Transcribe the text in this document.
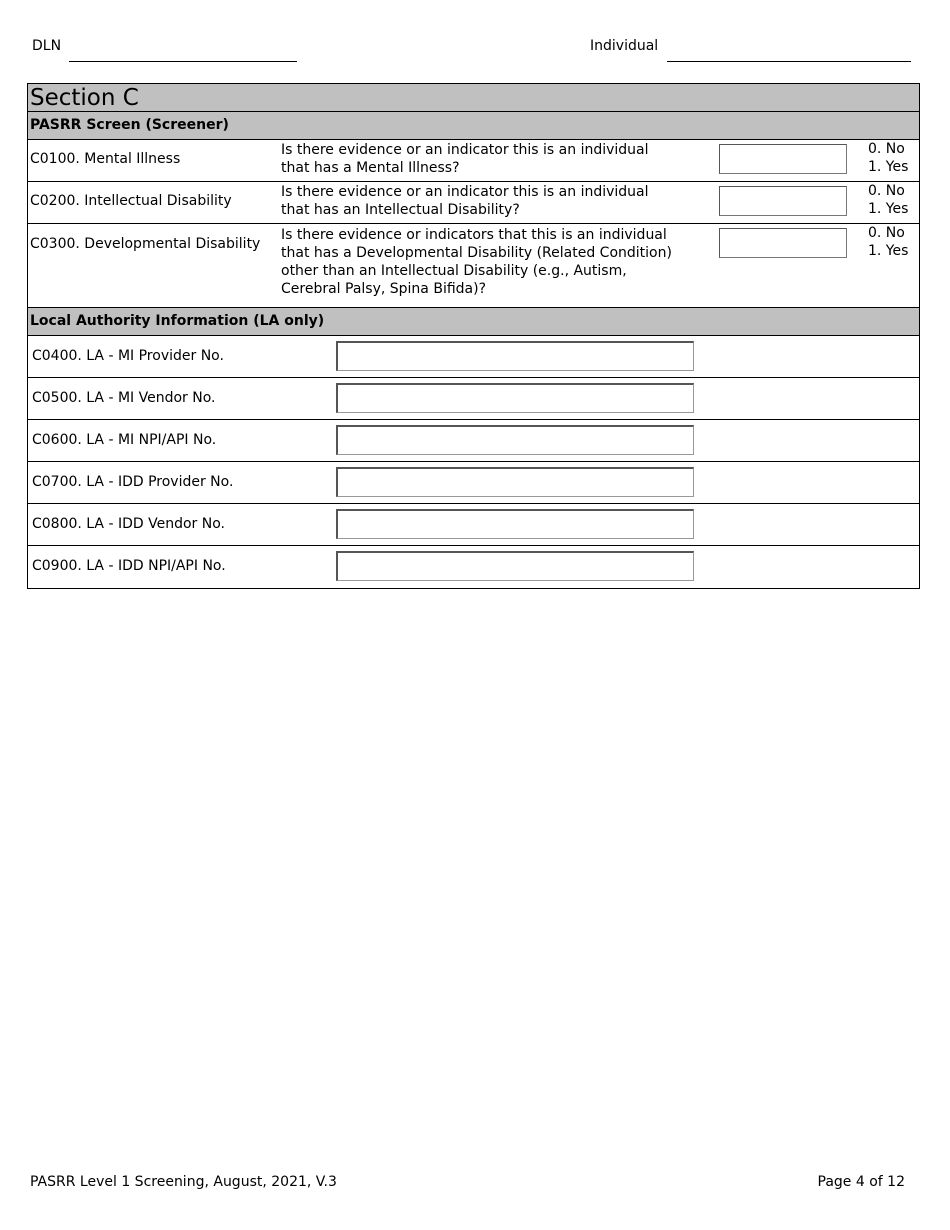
DLN	Individual
Section C
PASRR Screen (Screener)
C0100. Mental Illness
Is there evidence or an indicator this is an individual that has a Mental Illness?
0. No
1. Yes
C0200. Intellectual Disability
Is there evidence or an indicator this is an individual that has an Intellectual Disability?
0. No
1. Yes
C0300. Developmental Disability
Is there evidence or indicators that this is an individual that has a Developmental Disability (Related Condition) other than an Intellectual Disability (e.g., Autism, Cerebral Palsy, Spina Bifida)?
0. No
1. Yes
Local Authority Information (LA only)
C0400. LA - MI Provider No.
C0500. LA - MI Vendor No.
C0600. LA - MI NPI/API No.
C0700. LA - IDD Provider No.
C0800. LA - IDD Vendor No.
C0900. LA - IDD NPI/API No.
PASRR Level 1 Screening, August, 2021, V.3	Page 4 of 12
